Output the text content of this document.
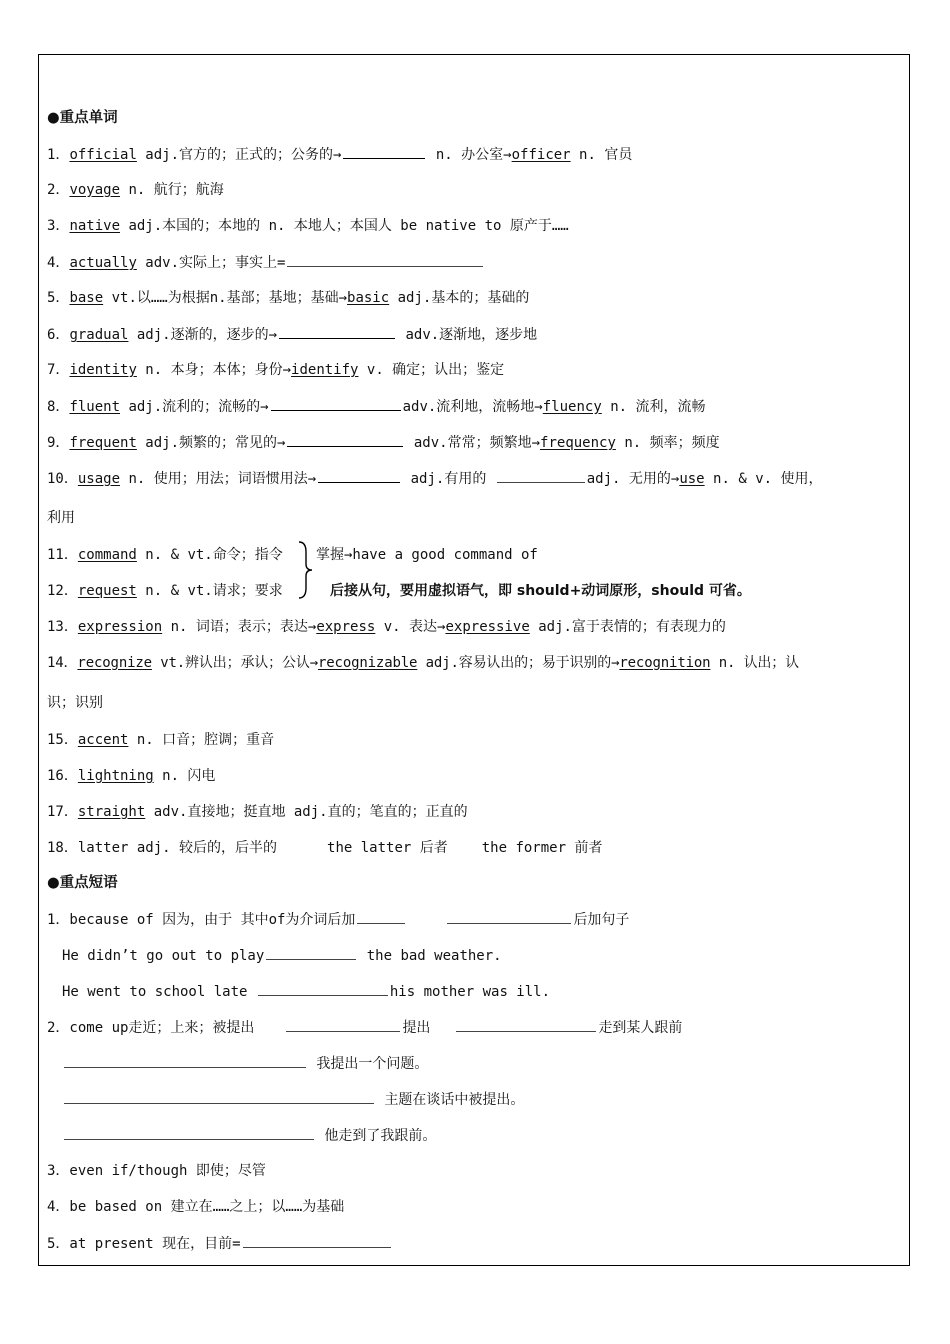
●重点单词
1．official adj.官方的；正式的；公务的→	n. 办公室→officer n. 官员
2．voyage n. 航行；航海
3．native adj.本国的；本地的 n. 本地人；本国人 be native to 原产于……
4．actually adv.实际上；事实上=
5．base vt.以……为根据n.基部；基地；基础→basic adj.基本的；基础的
6．gradual adj.逐渐的，逐步的→	adv.逐渐地，逐步地
7．identity n. 本身；本体；身份→identify v. 确定；认出；鉴定
8．fluent adj.流利的；流畅的→	adv.流利地，流畅地→fluency n. 流利，流畅
9．frequent adj.频繁的；常见的→	adv.常常；频繁地→frequency n. 频率；频度
10．usage n. 使用；用法；词语惯用法→	adj.有用的	adj. 无用的→use n. & v. 使用，
利用
11．command n. & vt.命令；指令 掌握→have a good command of
12．request n. & vt.请求；要求	后接从句，要用虚拟语气，即 should+动词原形，should 可省。
13．expression n. 词语；表示；表达→express v. 表达→expressive adj.富于表情的；有表现力的
14．recognize vt.辨认出；承认；公认→recognizable adj.容易认出的；易于识别的→recognition n. 认出；认
识；识别
15．accent n. 口音；腔调；重音
16．lightning n. 闪电
17．straight adv.直接地；挺直地 adj.直的；笔直的；正直的
18．latter adj. 较后的，后半的	the latter 后者 the former 前者
●重点短语
1．because of 因为，由于 其中of为介词后加	后加句子
He didn’t go out to play	the bad weather.
He went to school late	his mother was ill.
2．come up走近；上来；被提出	提出	走到某人跟前
我提出一个问题。
主题在谈话中被提出。
他走到了我跟前。
3．even if/though 即使；尽管
4．be based on 建立在……之上；以……为基础
5．at present 现在，目前=
